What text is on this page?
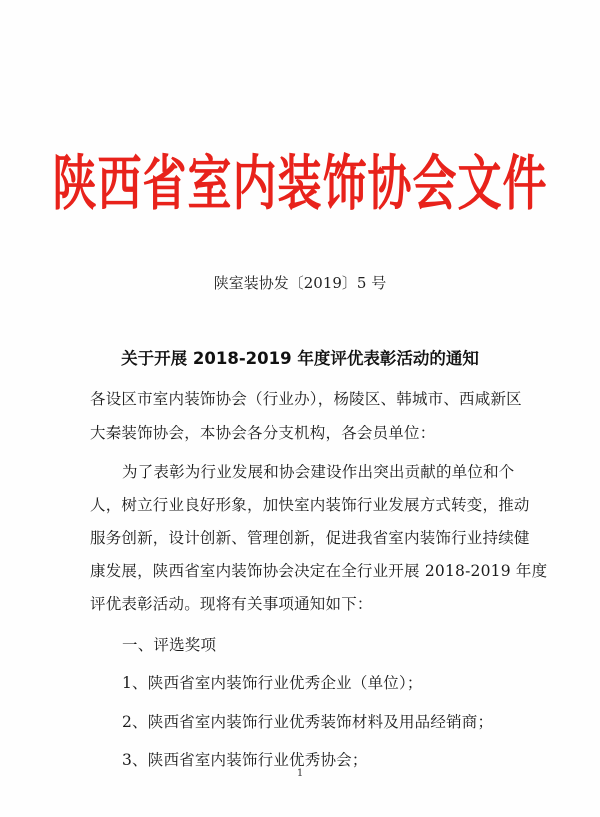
陕西省室内装饰协会文件
陕室装协发〔2019〕5 号
关于开展 2018-2019 年度评优表彰活动的通知
各设区市室内装饰协会（行业办），杨陵区、韩城市、西咸新区
大秦装饰协会，本协会各分支机构，各会员单位：
为了表彰为行业发展和协会建设作出突出贡献的单位和个
人，树立行业良好形象，加快室内装饰行业发展方式转变，推动
服务创新，设计创新、管理创新，促进我省室内装饰行业持续健
康发展，陕西省室内装饰协会决定在全行业开展 2018-2019 年度
评优表彰活动。现将有关事项通知如下：
一、评选奖项
1、陕西省室内装饰行业优秀企业（单位）；
2、陕西省室内装饰行业优秀装饰材料及用品经销商；
3、陕西省室内装饰行业优秀协会；
1
